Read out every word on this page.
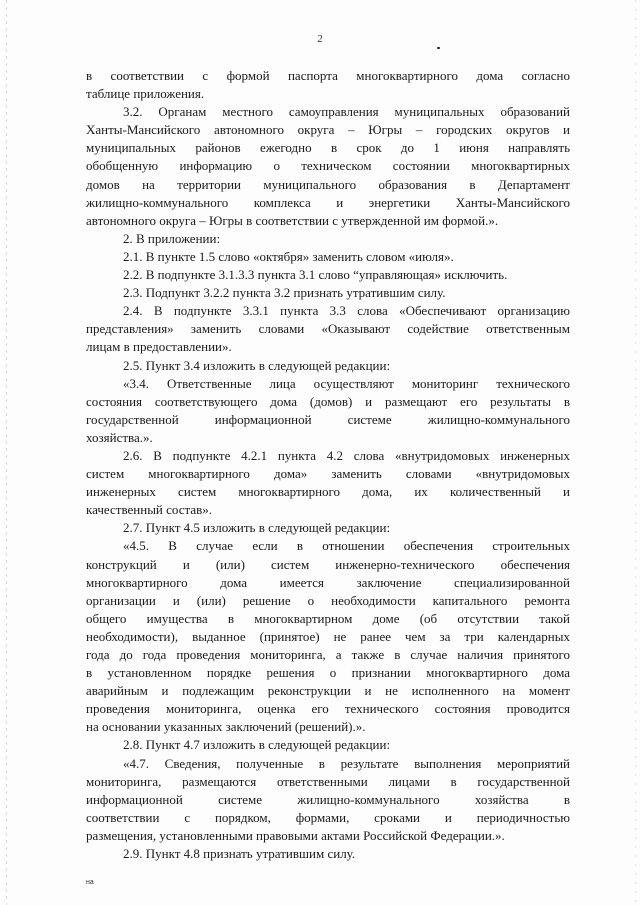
2
в соответствии с формой паспорта многоквартирного дома согласно
таблице приложения.
3.2. Органам местного самоуправления муниципальных образований
Ханты-Мансийского автономного округа – Югры – городских округов и
муниципальных районов ежегодно в срок до 1 июня направлять
обобщенную информацию о техническом состоянии многоквартирных
домов на территории муниципального образования в Департамент
жилищно-коммунального комплекса и энергетики Ханты-Мансийского
автономного округа – Югры в соответствии с утвержденной им формой.».
2. В приложении:
2.1. В пункте 1.5 слово «октября» заменить словом «июля».
2.2. В подпункте 3.1.3.3 пункта 3.1 слово “управляющая» исключить.
2.3. Подпункт 3.2.2 пункта 3.2 признать утратившим силу.
2.4. В подпункте 3.3.1 пункта 3.3 слова «Обеспечивают организацию
представления» заменить словами «Оказывают содействие ответственным
лицам в предоставлении».
2.5. Пункт 3.4 изложить в следующей редакции:
«3.4. Ответственные лица осуществляют мониторинг технического
состояния соответствующего дома (домов) и размещают его результаты в
государственной информационной системе жилищно-коммунального
хозяйства.».
2.6. В подпункте 4.2.1 пункта 4.2 слова «внутридомовых инженерных
систем многоквартирного дома» заменить словами «внутридомовых
инженерных систем многоквартирного дома, их количественный и
качественный состав».
2.7. Пункт 4.5 изложить в следующей редакции:
«4.5. В случае если в отношении обеспечения строительных
конструкций и (или) систем инженерно-технического обеспечения
многоквартирного дома имеется заключение специализированной
организации и (или) решение о необходимости капитального ремонта
общего имущества в многоквартирном доме (об отсутствии такой
необходимости), выданное (принятое) не ранее чем за три календарных
года до года проведения мониторинга, а также в случае наличия принятого
в установленном порядке решения о признании многоквартирного дома
аварийным и подлежащим реконструкции и не исполненного на момент
проведения мониторинга, оценка его технического состояния проводится
на основании указанных заключений (решений).».
2.8. Пункт 4.7 изложить в следующей редакции:
«4.7. Сведения, полученные в результате выполнения мероприятий
мониторинга, размещаются ответственными лицами в государственной
информационной системе жилищно-коммунального хозяйства в
соответствии с порядком, формами, сроками и периодичностью
размещения, установленными правовыми актами Российской Федерации.».
2.9. Пункт 4.8 признать утратившим силу.
на
